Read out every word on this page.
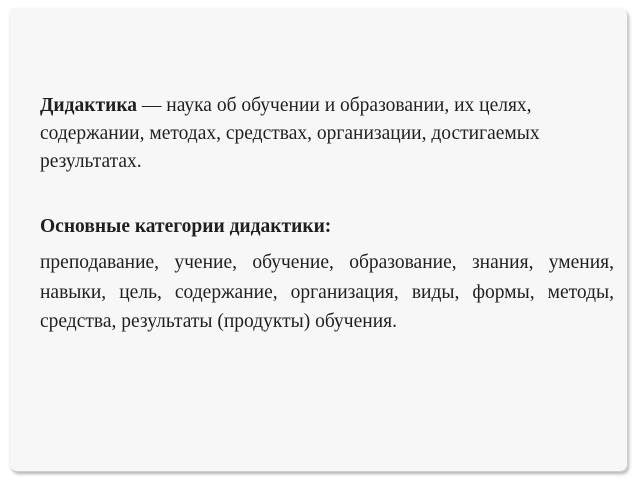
Дидактика — наука об обучении и образовании, их целях, содержании, методах, средствах, организации, достигаемых результатах.

Основные категории дидактики:

преподавание, учение, обучение, образование, знания, умения, навыки, цель, содержание, организация, виды, формы, методы, средства, результаты (продукты) обучения.
